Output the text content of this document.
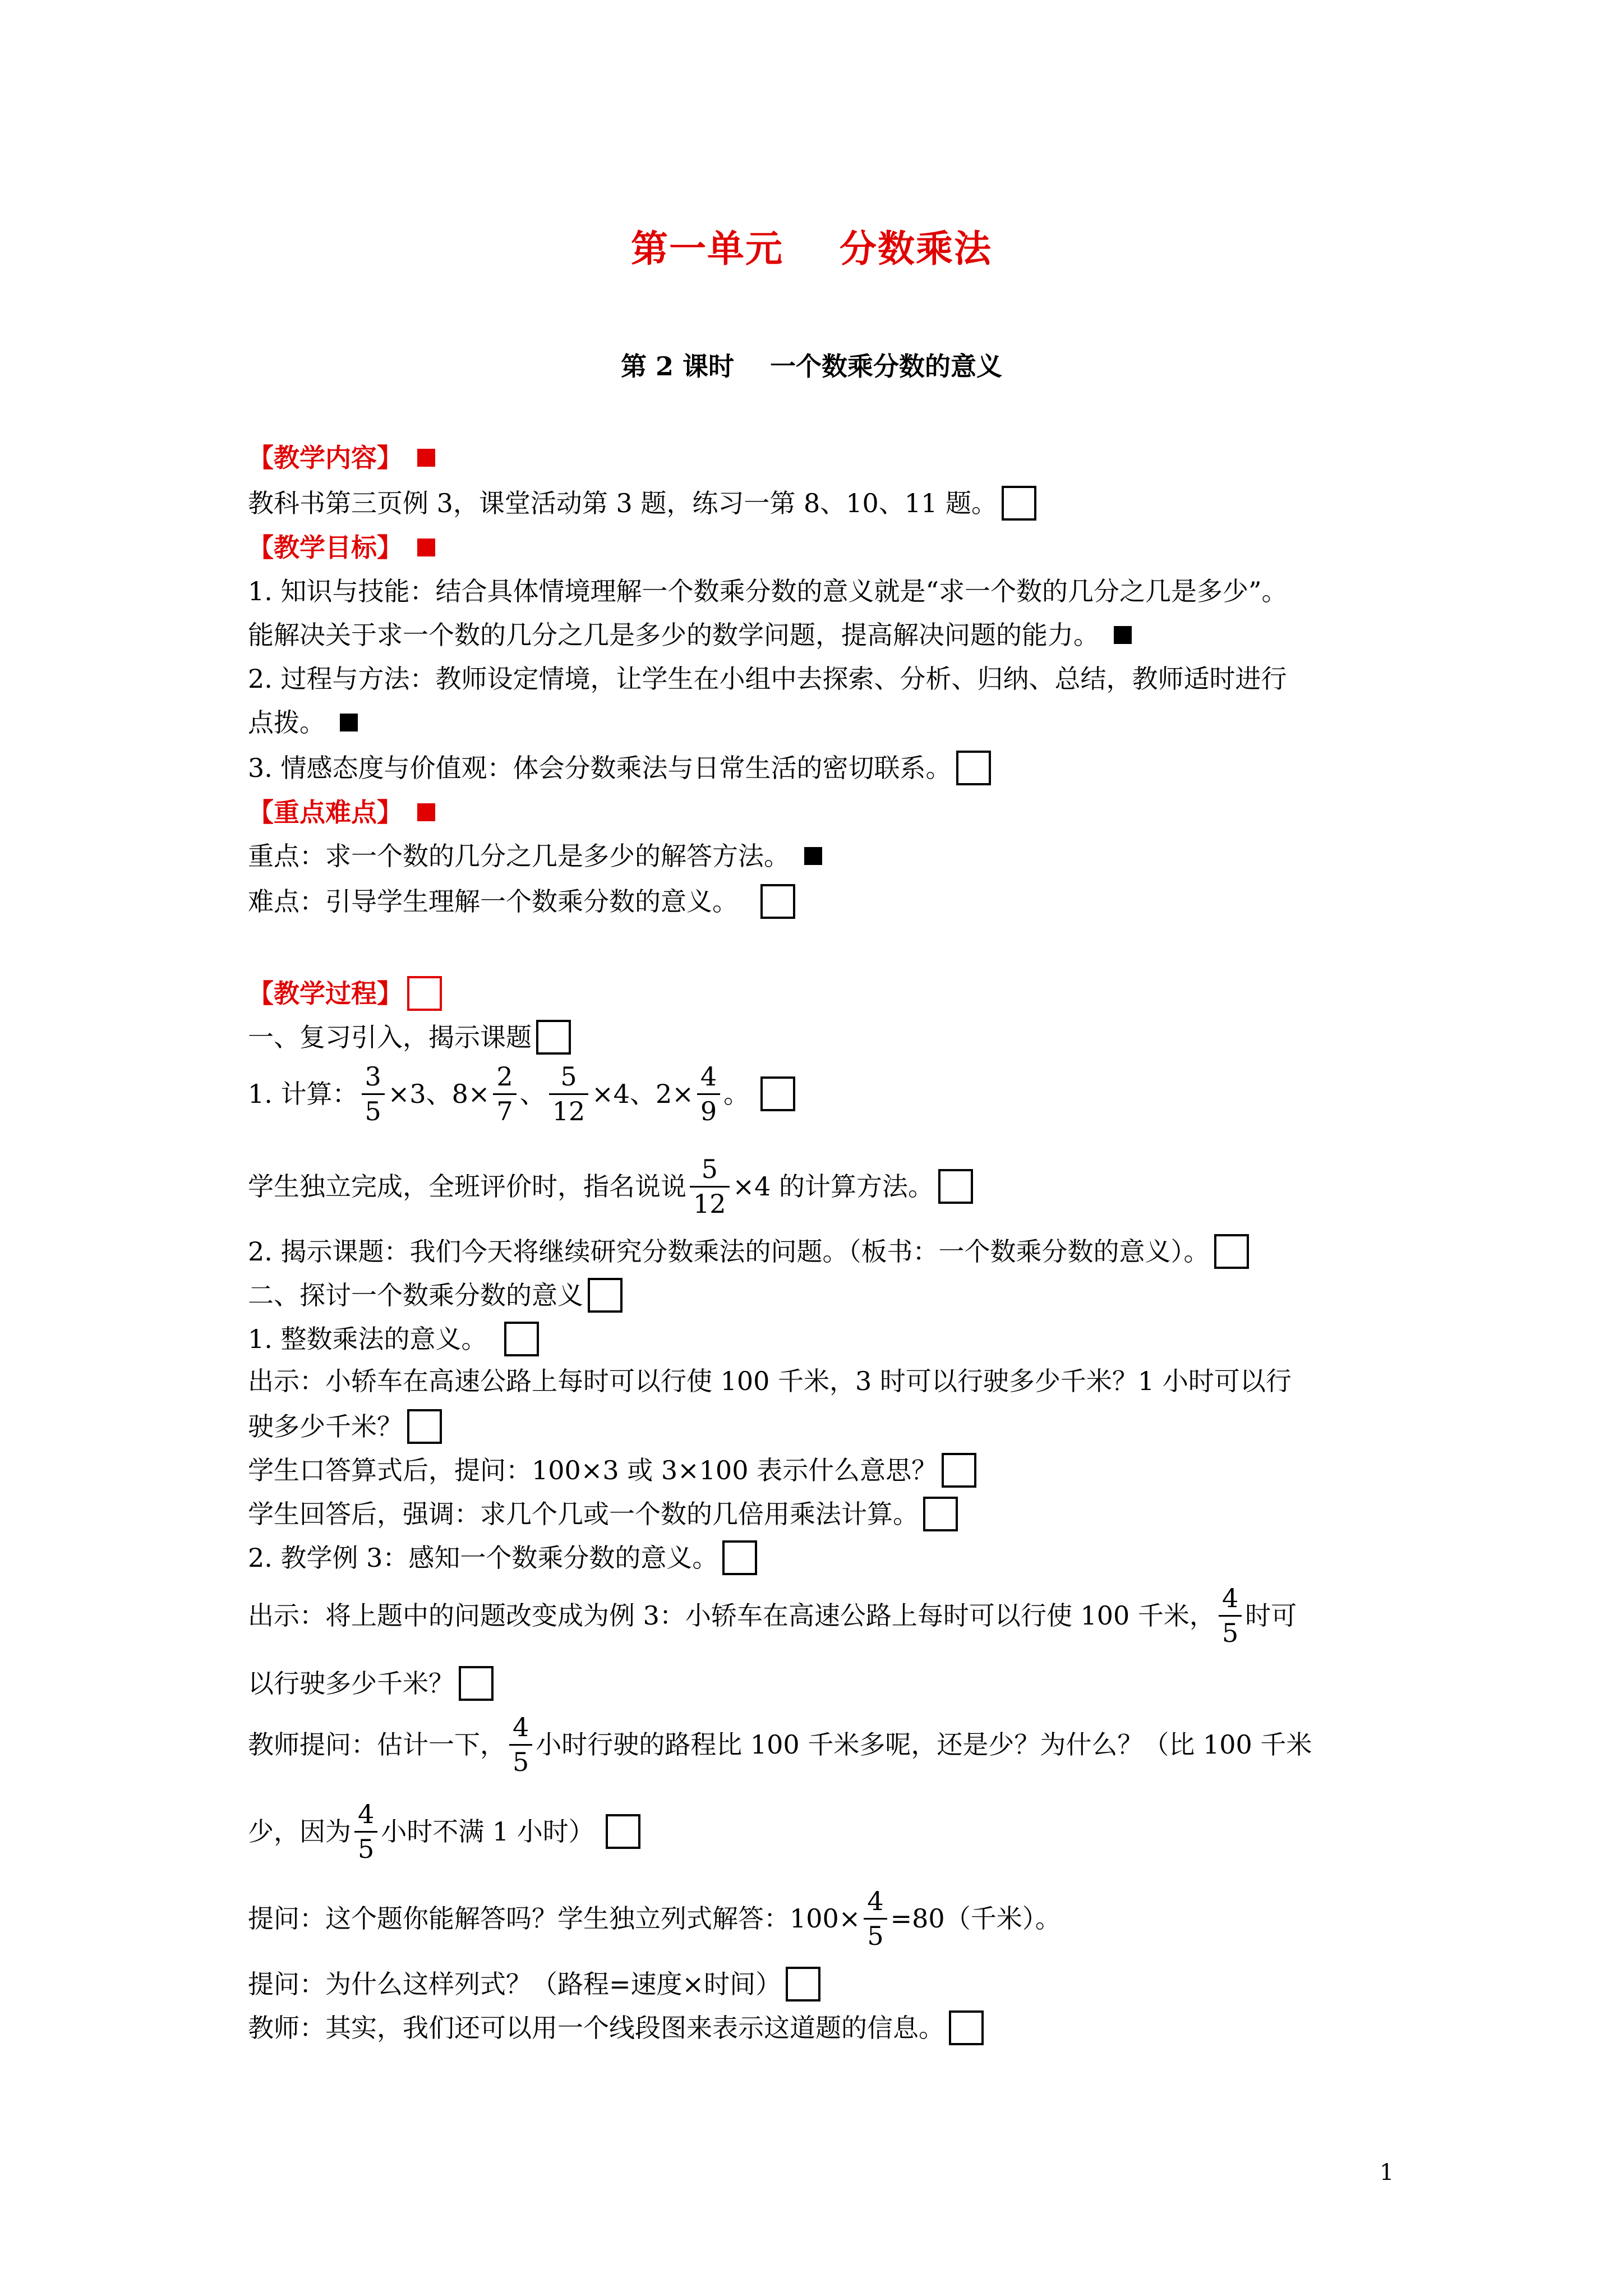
第一单元    分数乘法
第 2 课时    一个数乘分数的意义
【教学内容】
教科书第三页例 3，课堂活动第 3 题，练习一第 8、10、11 题。
【教学目标】
1. 知识与技能：结合具体情境理解一个数乘分数的意义就是“求一个数的几分之几是多少”。
能解决关于求一个数的几分之几是多少的数学问题，提高解决问题的能力。
2. 过程与方法：教师设定情境，让学生在小组中去探索、分析、归纳、总结，教师适时进行
点拨。
3. 情感态度与价值观：体会分数乘法与日常生活的密切联系。
【重点难点】
重点：求一个数的几分之几是多少的解答方法。
难点：引导学生理解一个数乘分数的意义。
【教学过程】
一、复习引入，揭示课题
1. 计算： $\frac{3}{5} \times 3$、$8\times \frac{2}{7}$ 、 $\frac{5}{12} \times 4$、$2\times \frac{4}{9}$ 。
学生独立完成，全班评价时，指名说说 $\frac{5}{12} \times 4$ 的计算方法。
2. 揭示课题：我们今天将继续研究分数乘法的问题。（板书：一个数乘分数的意义）。
二、探讨一个数乘分数的意义
1. 整数乘法的意义。
出示：小轿车在高速公路上每时可以行使 100 千米，3 时可以行驶多少千米？1 小时可以行
驶多少千米？
学生口答算式后，提问：100×3 或 3×100 表示什么意思？
学生回答后，强调：求几个几或一个数的几倍用乘法计算。
2. 教学例 3：感知一个数乘分数的意义。
出示：将上题中的问题改变成为例 3：小轿车在高速公路上每时可以行使 100 千米， $\frac{4}{5}$ 时可
以行驶多少千米？
教师提问：估计一下， $\frac{4}{5}$ 小时行驶的路程比 100 千米多呢，还是少？为什么？（比 100 千米
少，因为 $\frac{4}{5}$ 小时不满 1 小时）
提问：这个题你能解答吗？学生独立列式解答：$100\times \frac{4}{5} =80$（千米）。
提问：为什么这样列式？（路程=速度×时间）
教师：其实，我们还可以用一个线段图来表示这道题的信息。
1
